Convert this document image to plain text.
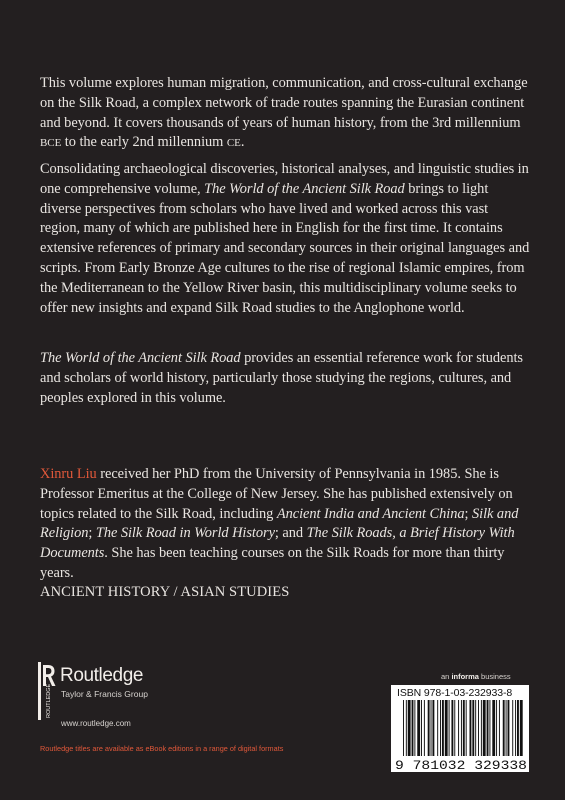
This volume explores human migration, communication, and cross-cultural exchange on the Silk Road, a complex network of trade routes spanning the Eurasian continent and beyond. It covers thousands of years of human history, from the 3rd millennium bce to the early 2nd millennium ce.

Consolidating archaeological discoveries, historical analyses, and linguistic studies in one comprehensive volume, The World of the Ancient Silk Road brings to light diverse perspectives from scholars who have lived and worked across this vast region, many of which are published here in English for the first time. It contains extensive references of primary and secondary sources in their original languages and scripts. From Early Bronze Age cultures to the rise of regional Islamic empires, from the Mediterranean to the Yellow River basin, this multidisciplinary volume seeks to offer new insights and expand Silk Road studies to the Anglophone world.

The World of the Ancient Silk Road provides an essential reference work for students and scholars of world history, particularly those studying the regions, cultures, and peoples explored in this volume.

Xinru Liu received her PhD from the University of Pennsylvania in 1985. She is Professor Emeritus at the College of New Jersey. She has published extensively on topics related to the Silk Road, including Ancient India and Ancient China; Silk and Religion; The Silk Road in World History; and The Silk Roads, a Brief History With Documents. She has been teaching courses on the Silk Roads for more than thirty years.

ANCIENT HISTORY / ASIAN STUDIES

ROUTLEDGE

Routledge

Taylor & Francis Group

www.routledge.com

Routledge titles are available as eBook editions in a range of digital formats

an informa business

ISBN 978-1-03-232933-8

9 781032 329338
